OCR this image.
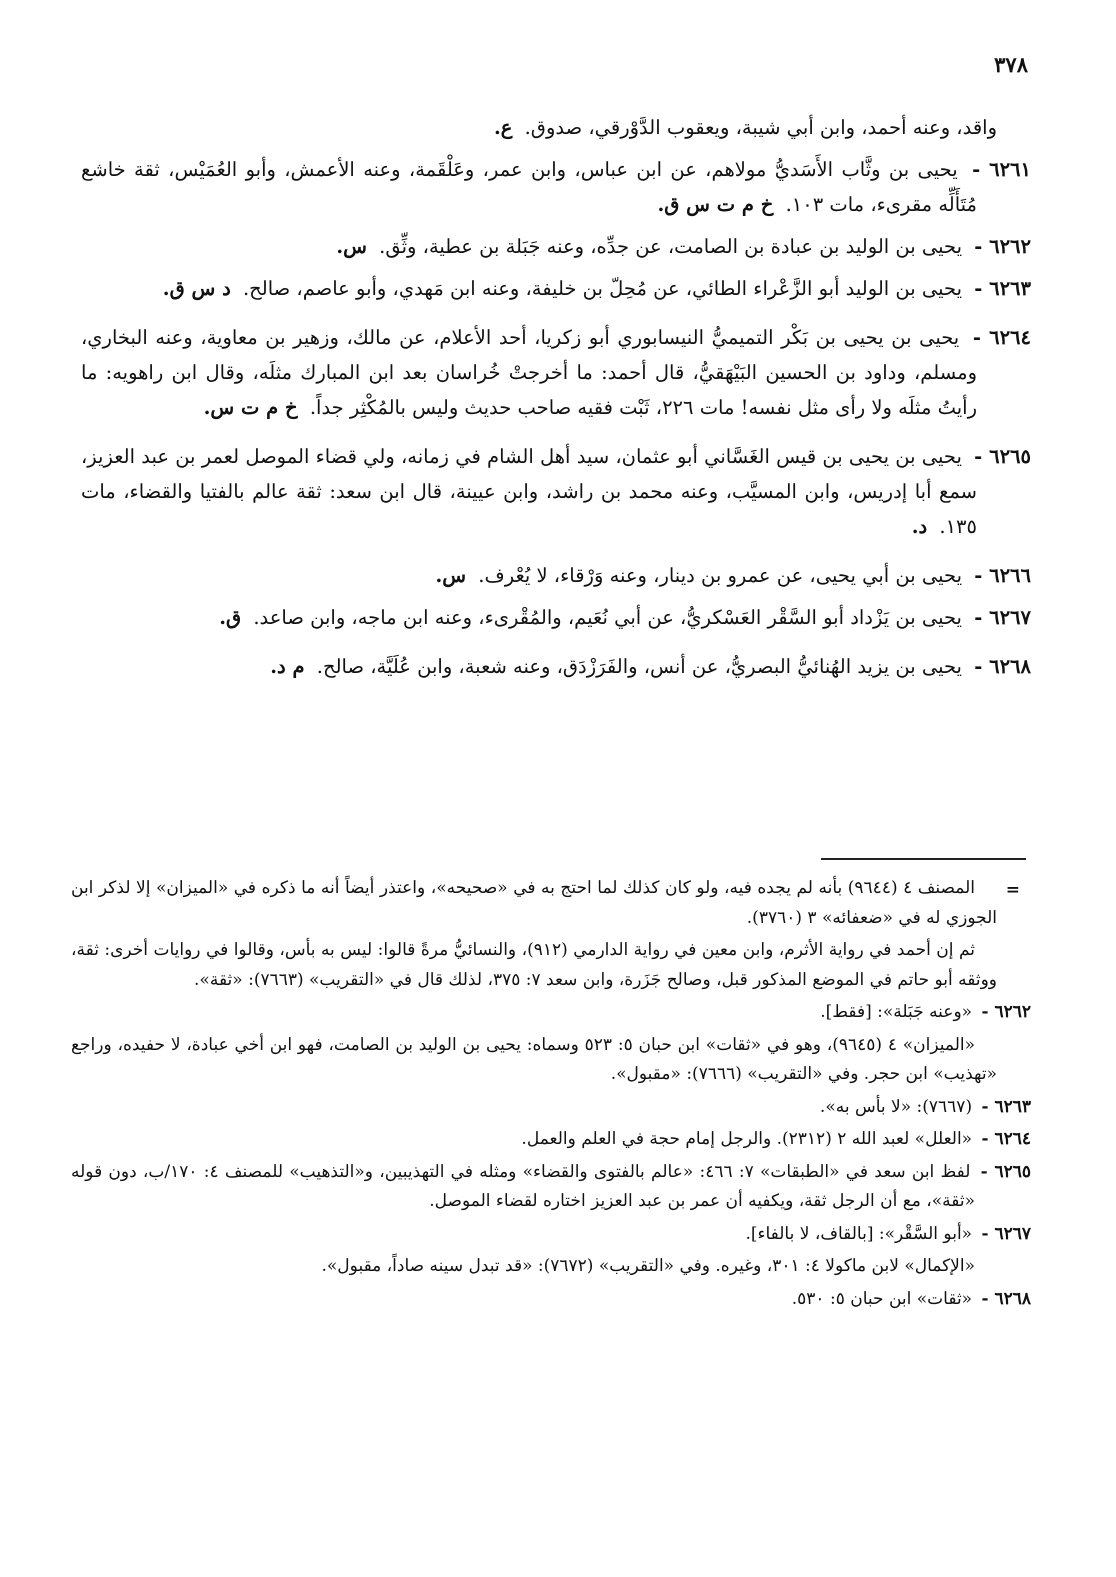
٣٧٨

واقد، وعنه أحمد، وابن أبي شيبة، ويعقوب الدَّوْرقي، صدوق. ع.

٦٢٦١ - يحيى بن وثَّاب الأَسَديُّ مولاهم، عن ابن عباس، وابن عمر، وعَلْقَمة، وعنه الأعمش، وأبو العُمَيْس، ثقة خاشع مُتَأَلِّه مقرىء، مات ١٠٣. خ م ت س ق.

٦٢٦٢ - يحيى بن الوليد بن عبادة بن الصامت، عن جدِّه، وعنه جَبَلة بن عطية، وثِّق. س.

٦٢٦٣ - يحيى بن الوليد أبو الزَّعْراء الطائي، عن مُحِلّ بن خليفة، وعنه ابن مَهدي، وأبو عاصم، صالح. د س ق.

٦٢٦٤ - يحيى بن يحيى بن بَكْر التميميُّ النيسابوري أبو زكريا، أحد الأعلام، عن مالك، وزهير بن معاوية، وعنه البخاري، ومسلم، وداود بن الحسين البَيْهَقيُّ، قال أحمد: ما أخرجتْ خُراسان بعد ابن المبارك مثلَه، وقال ابن راهويه: ما رأيتُ مثلَه ولا رأى مثل نفسه! مات ٢٢٦، ثَبْت فقيه صاحب حديث وليس بالمُكْثِر جداً. خ م ت س.

٦٢٦٥ - يحيى بن يحيى بن قيس الغَسَّاني أبو عثمان، سيد أهل الشام في زمانه، ولي قضاء الموصل لعمر بن عبد العزيز، سمع أبا إدريس، وابن المسيَّب، وعنه محمد بن راشد، وابن عيينة، قال ابن سعد: ثقة عالم بالفتيا والقضاء، مات ١٣٥. د.

٦٢٦٦ - يحيى بن أبي يحيى، عن عمرو بن دينار، وعنه وَرْقاء، لا يُعْرف. س.

٦٢٦٧ - يحيى بن يَزْداد أبو السَّقْر العَسْكريُّ، عن أبي نُعَيم، والمُقْرىء، وعنه ابن ماجه، وابن صاعد. ق.

٦٢٦٨ - يحيى بن يزيد الهُنائيُّ البصريُّ، عن أنس، والفَرَزْدَق، وعنه شعبة، وابن عُلَيَّة، صالح. م د.

=

المصنف ٤ (٩٦٤٤) بأنه لم يجده فيه، ولو كان كذلك لما احتج به في «صحيحه»، واعتذر أيضاً أنه ما ذكره في «الميزان» إلا لذكر ابن الجوزي له في «ضعفائه» ٣ (٣٧٦٠).

ثم إن أحمد في رواية الأثرم، وابن معين في رواية الدارمي (٩١٢)، والنسائيُّ مرةً قالوا: ليس به بأس، وقالوا في روايات أخرى: ثقة، ووثقه أبو حاتم في الموضع المذكور قبل، وصالح جَزَرة، وابن سعد ٧: ٣٧٥، لذلك قال في «التقريب» (٧٦٦٣): «ثقة».

٦٢٦٢ - «وعنه جَبَلة»: [فقط].

«الميزان» ٤ (٩٦٤٥)، وهو في «ثقات» ابن حبان ٥: ٥٢٣ وسماه: يحيى بن الوليد بن الصامت، فهو ابن أخي عبادة، لا حفيده، وراجع «تهذيب» ابن حجر. وفي «التقريب» (٧٦٦٦): «مقبول».

٦٢٦٣ - (٧٦٦٧): «لا بأس به».

٦٢٦٤ - «العلل» لعبد الله ٢ (٢٣١٢). والرجل إمام حجة في العلم والعمل.

٦٢٦٥ - لفظ ابن سعد في «الطبقات» ٧: ٤٦٦: «عالم بالفتوى والقضاء» ومثله في التهذيبين، و«التذهيب» للمصنف ٤: ١٧٠/ب، دون قوله «ثقة»، مع أن الرجل ثقة، ويكفيه أن عمر بن عبد العزيز اختاره لقضاء الموصل.

٦٢٦٧ - «أبو السَّقْر»: [بالقاف، لا بالفاء].

«الإكمال» لابن ماكولا ٤: ٣٠١، وغيره. وفي «التقريب» (٧٦٧٢): «قد تبدل سينه صاداً، مقبول».

٦٢٦٨ - «ثقات» ابن حبان ٥: ٥٣٠.
